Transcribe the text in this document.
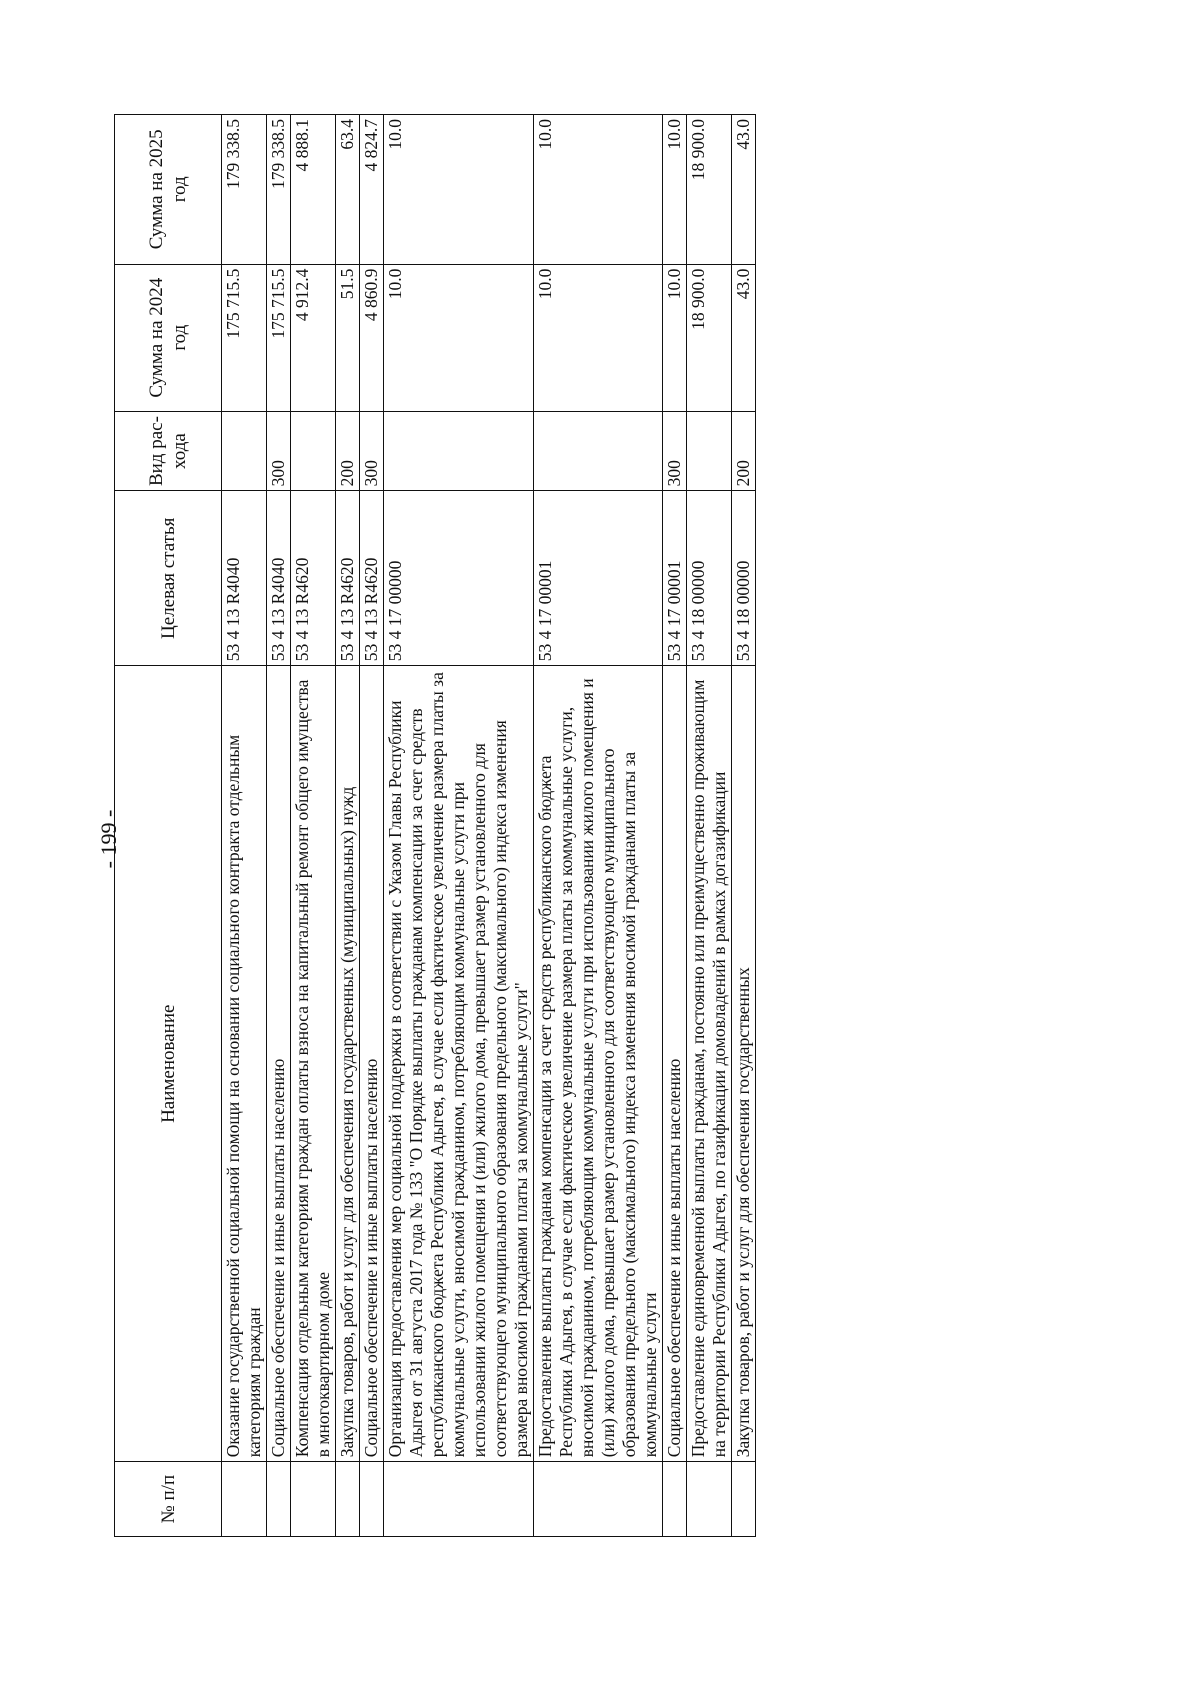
- 199 -
№ п/п	Наименование	Целевая статья	Вид рас- хода	Сумма на 2024 год	Сумма на 2025 год
	Оказание государственной социальной помощи на основании социального контракта отдельным категориям граждан	53 4 13 R4040		175 715.5	179 338.5
	Социальное обеспечение и иные выплаты населению	53 4 13 R4040	300	175 715.5	179 338.5
	Компенсация отдельным категориям граждан оплаты взноса на капитальный ремонт общего имущества в многоквартирном доме	53 4 13 R4620		4 912.4	4 888.1
	Закупка товаров, работ и услуг для обеспечения государственных (муниципальных) нужд	53 4 13 R4620	200	51.5	63.4
	Социальное обеспечение и иные выплаты населению	53 4 13 R4620	300	4 860.9	4 824.7
	Организация предоставления мер социальной поддержки в соответствии с Указом Главы Республики Адыгея от 31 августа 2017 года № 133 "О Порядке выплаты гражданам компенсации за счет средств республиканского бюджета Республики Адыгея, в случае если фактическое увеличение размера платы за коммунальные услуги, вносимой гражданином, потребляющим коммунальные услуги при использовании жилого помещения и (или) жилого дома, превышает размер установленного для соответствующего муниципального образования предельного (максимального) индекса изменения размера вносимой гражданами платы за коммунальные услуги"	53 4 17 00000		10.0	10.0
	Предоставление выплаты гражданам компенсации за счет средств республиканского бюджета Республики Адыгея, в случае если фактическое увеличение размера платы за коммунальные услуги, вносимой гражданином, потребляющим коммунальные услуги при использовании жилого помещения и (или) жилого дома, превышает размер установленного для соответствующего муниципального образования предельного (максимального) индекса изменения вносимой гражданами платы за коммунальные услуги	53 4 17 00001		10.0	10.0
	Социальное обеспечение и иные выплаты населению	53 4 17 00001	300	10.0	10.0
	Предоставление единовременной выплаты гражданам, постоянно или преимущественно проживающим на территории Республики Адыгея, по газификации домовладений в рамках догазификации	53 4 18 00000		18 900.0	18 900.0
	Закупка товаров, работ и услуг для обеспечения государственных	53 4 18 00000	200	43.0	43.0
